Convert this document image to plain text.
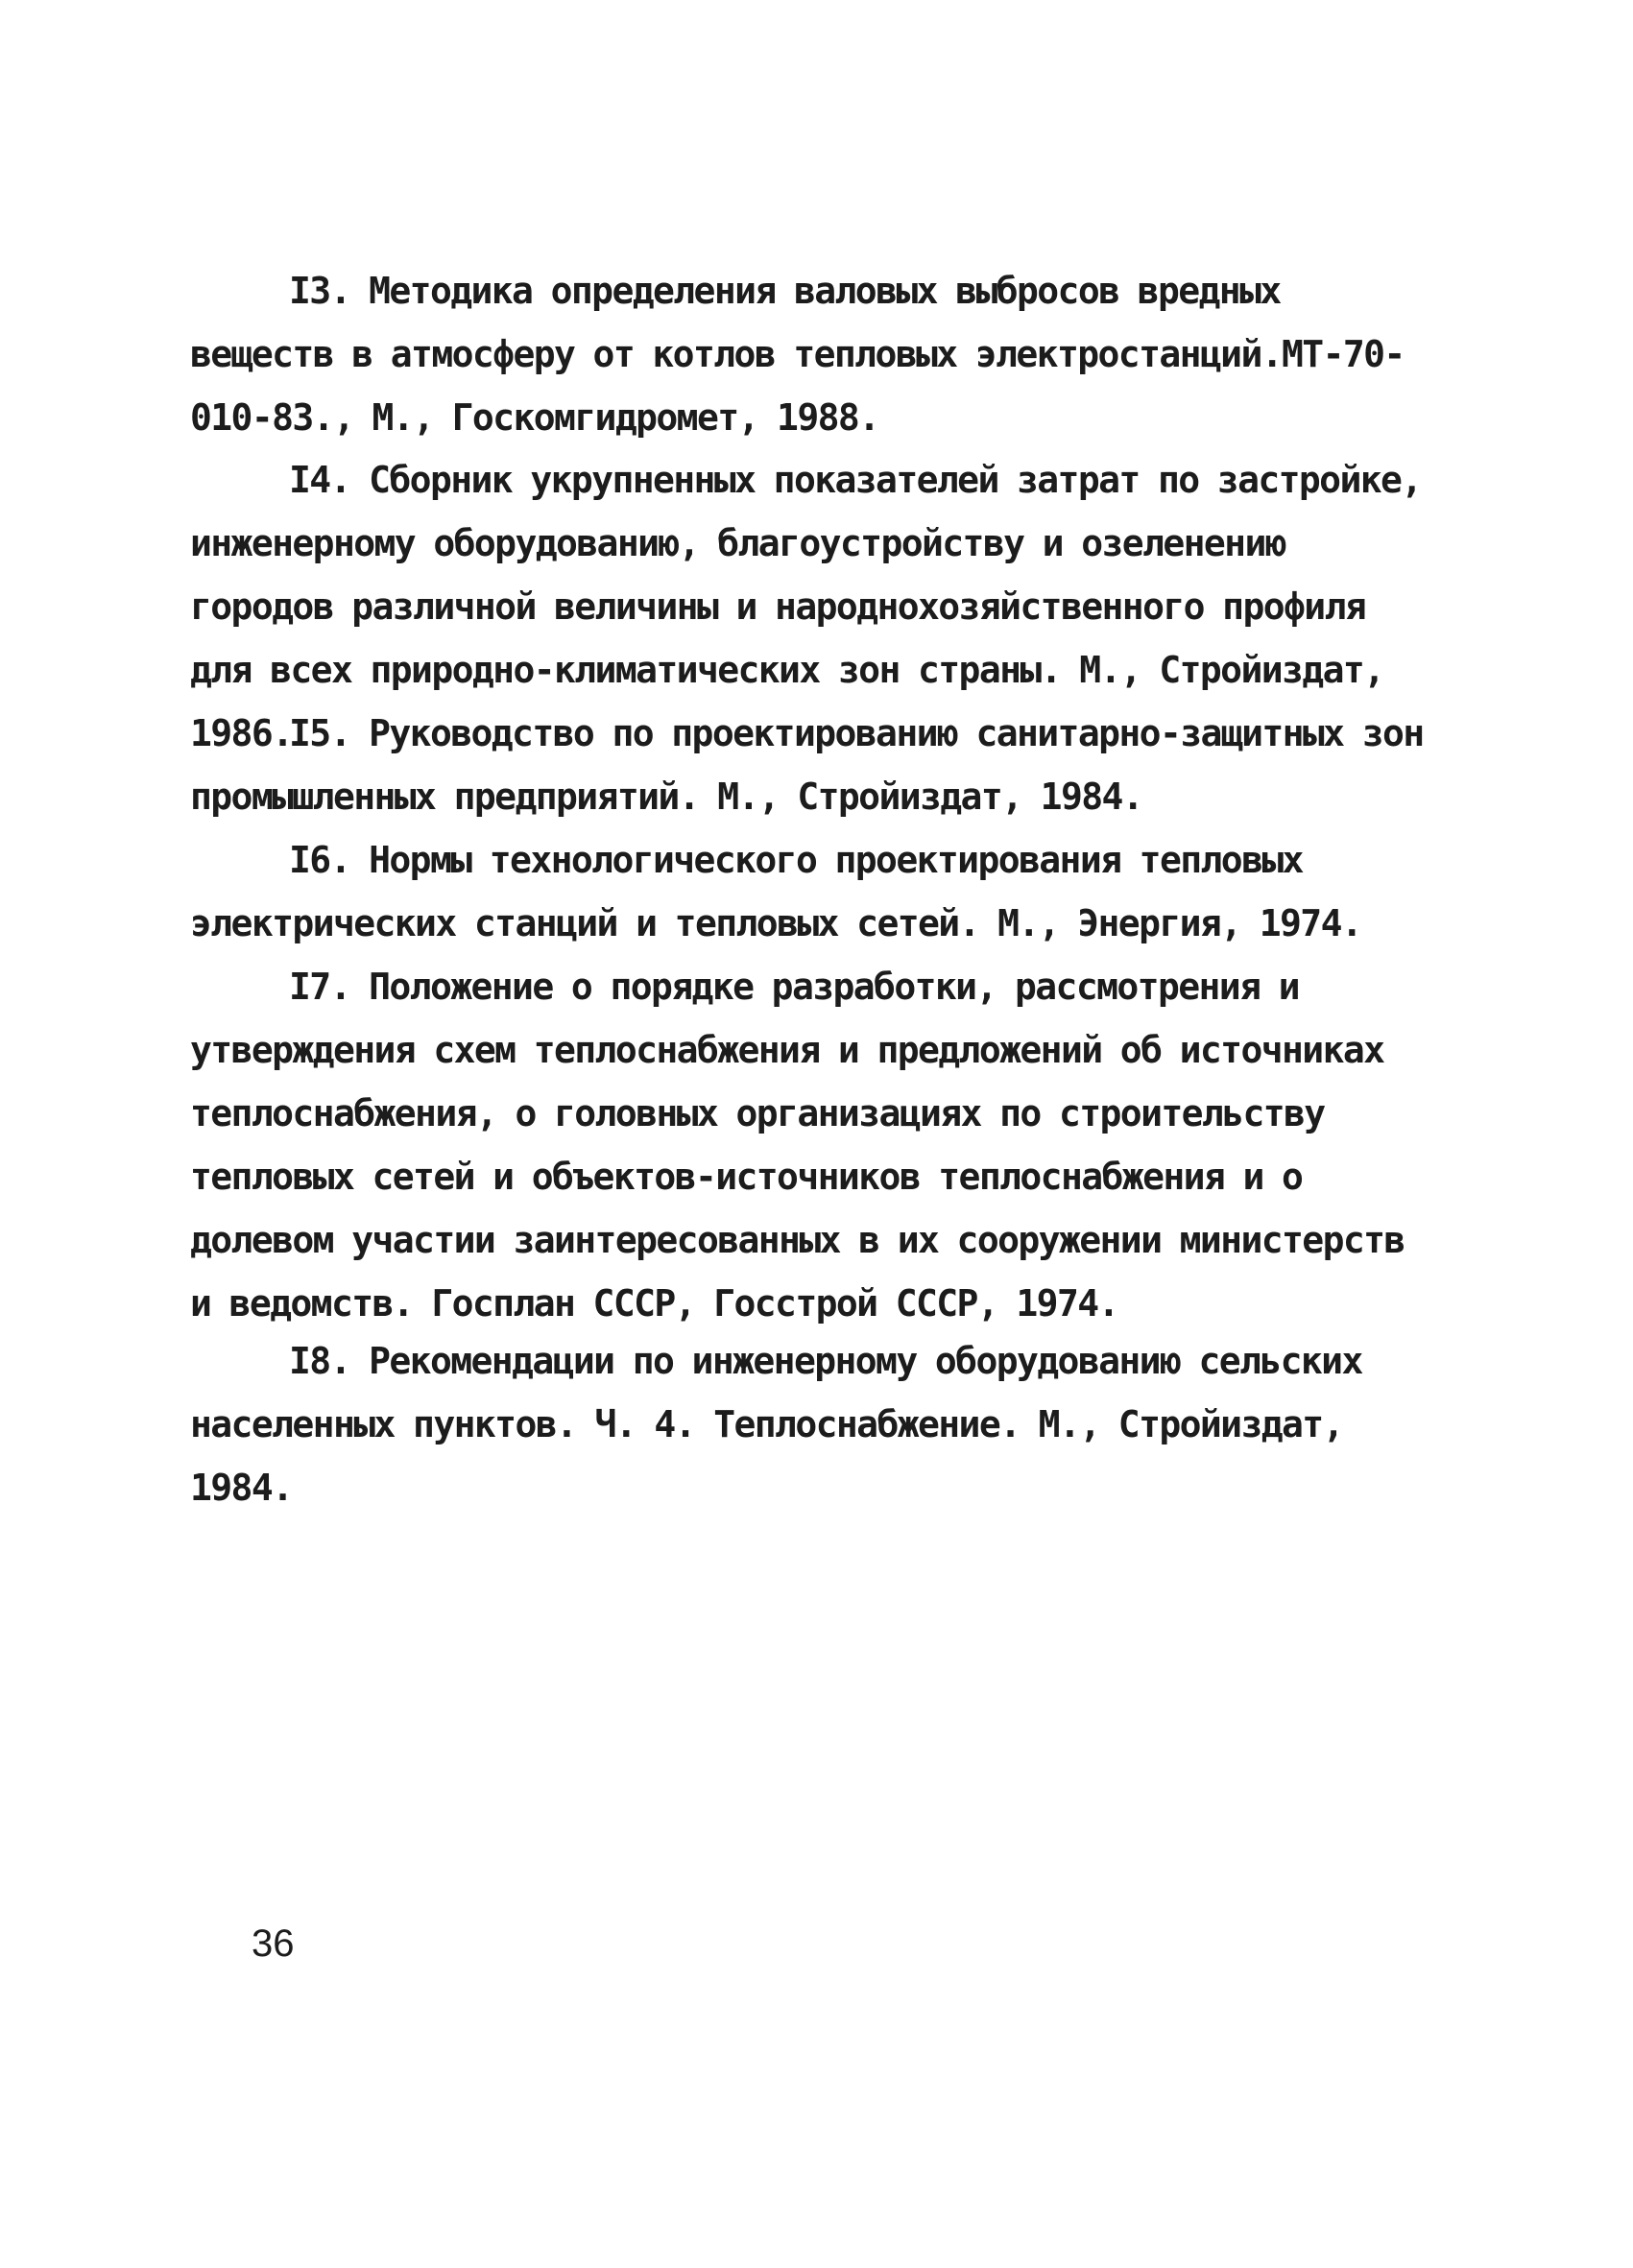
I3. Методика определения валовых выбросов вредных веществ в атмосферу от котлов тепловых электростанций.МТ-70-010-83., М., Госкомгидромет, 1988.

I4. Сборник укрупненных показателей затрат по застройке, инженерному оборудованию, благоустройству и озеленению городов различной величины и народнохозяйственного профиля для всех природно-климатических зон страны. М., Стройиздат, 1986.

I5. Руководство по проектированию санитарно-защитных зон промышленных предприятий. М., Стройиздат, 1984.

I6. Нормы технологического проектирования тепловых электрических станций и тепловых сетей. М., Энергия, 1974.

I7. Положение о порядке разработки, рассмотрения и утверждения схем теплоснабжения и предложений об источниках теплоснабжения, о головных организациях по строительству тепловых сетей и объектов-источников теплоснабжения и о долевом участии заинтересованных в их сооружении министерств и ведомств. Госплан СССР, Госстрой СССР, 1974.

I8. Рекомендации по инженерному оборудованию сельских населенных пунктов. Ч. 4. Теплоснабжение. М., Стройиздат, 1984.

36
